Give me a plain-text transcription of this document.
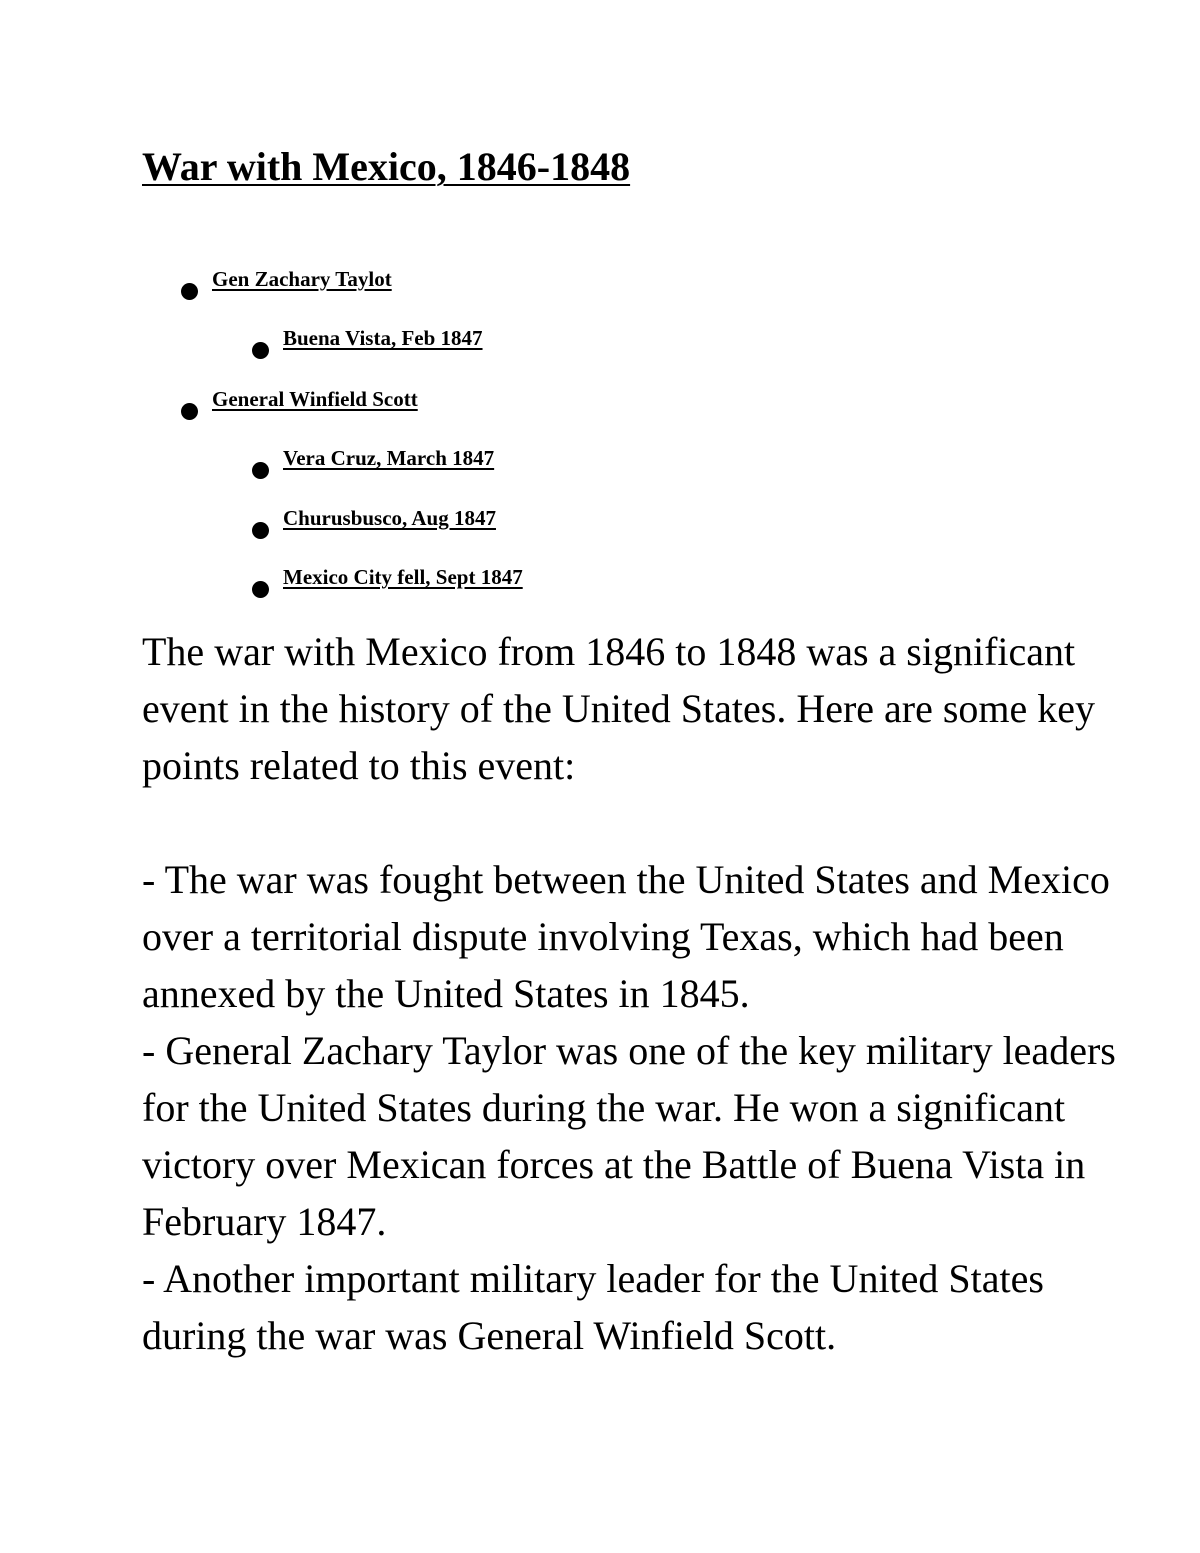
War with Mexico, 1846-1848
Gen Zachary Taylot
Buena Vista, Feb 1847
General Winfield Scott
Vera Cruz, March 1847
Churusbusco, Aug 1847
Mexico City fell, Sept 1847

The war with Mexico from 1846 to 1848 was a significant event in the history of the United States. Here are some key points related to this event:

- The war was fought between the United States and Mexico over a territorial dispute involving Texas, which had been annexed by the United States in 1845.

- General Zachary Taylor was one of the key military leaders for the United States during the war. He won a significant victory over Mexican forces at the Battle of Buena Vista in February 1847.

- Another important military leader for the United States during the war was General Winfield Scott.
